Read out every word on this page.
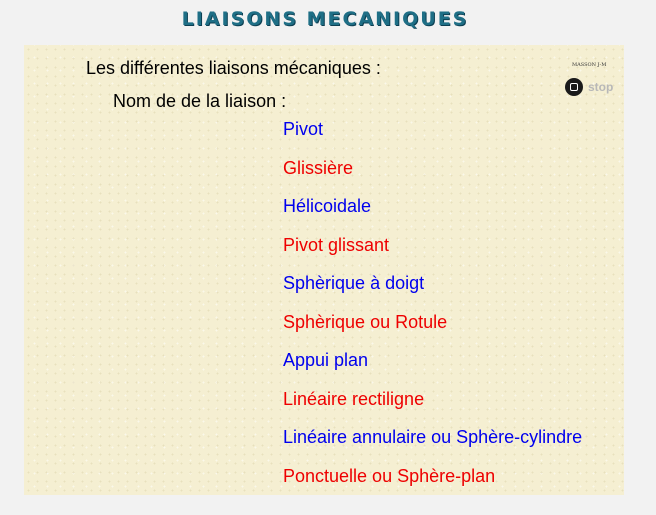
LIAISONS MECANIQUES
Les différentes liaisons mécaniques :
Nom de de la liaison :
MASSON J-M
stop
Pivot
Glissière
Hélicoidale
Pivot glissant
Sphèrique à doigt
Sphèrique ou Rotule
Appui plan
Linéaire rectiligne
Linéaire annulaire ou Sphère-cylindre
Ponctuelle ou Sphère-plan
